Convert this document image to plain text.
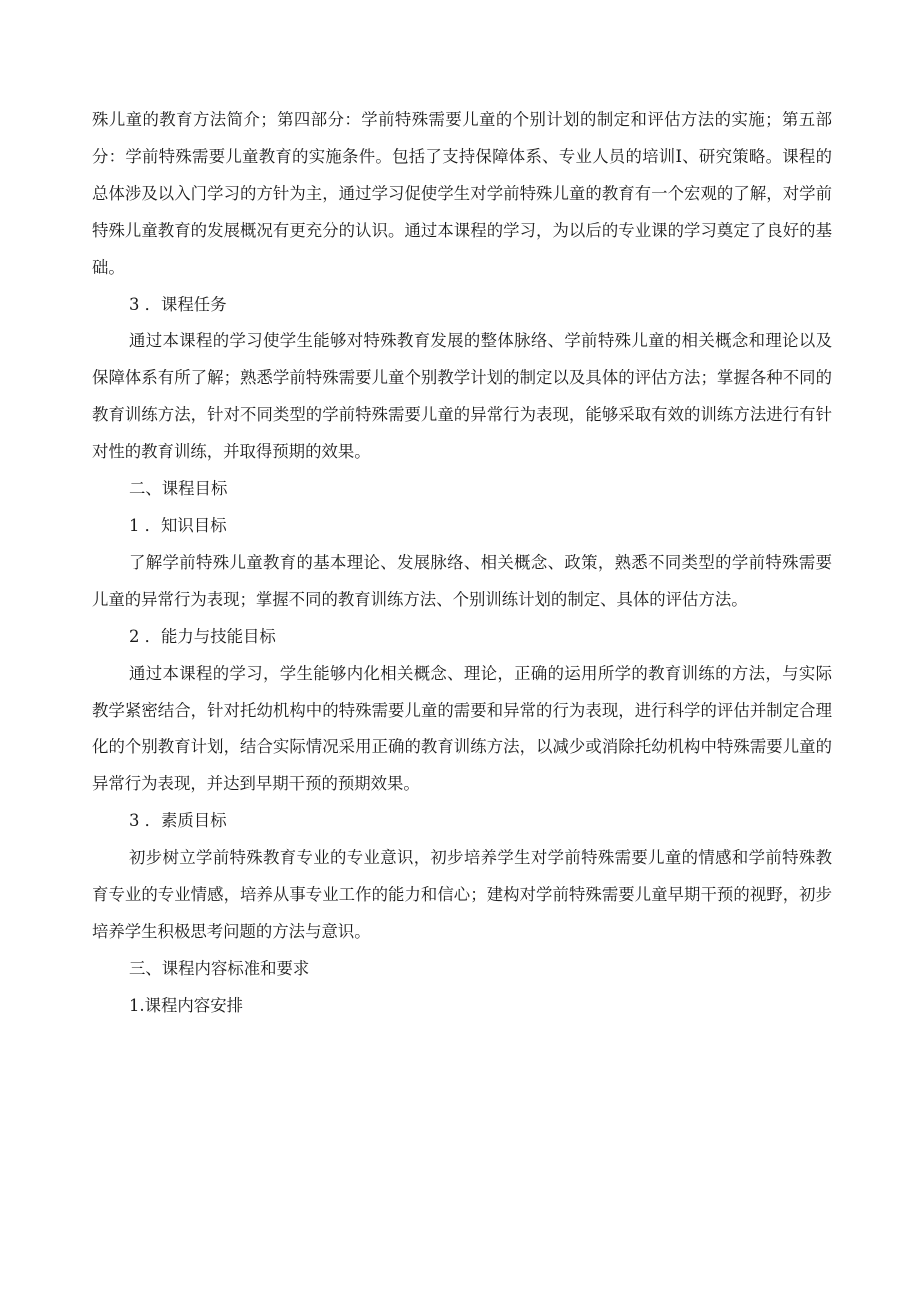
殊儿童的教育方法简介；第四部分：学前特殊需要儿童的个别计划的制定和评估方法的实施；第五部分：学前特殊需要儿童教育的实施条件。包括了支持保障体系、专业人员的培训I、研究策略。课程的总体涉及以入门学习的方针为主，通过学习促使学生对学前特殊儿童的教育有一个宏观的了解，对学前特殊儿童教育的发展概况有更充分的认识。通过本课程的学习，为以后的专业课的学习奠定了良好的基础。

3 ．课程任务

通过本课程的学习使学生能够对特殊教育发展的整体脉络、学前特殊儿童的相关概念和理论以及保障体系有所了解；熟悉学前特殊需要儿童个别教学计划的制定以及具体的评估方法；掌握各种不同的教育训练方法，针对不同类型的学前特殊需要儿童的异常行为表现，能够采取有效的训练方法进行有针对性的教育训练，并取得预期的效果。

二、课程目标

1 ．知识目标

了解学前特殊儿童教育的基本理论、发展脉络、相关概念、政策，熟悉不同类型的学前特殊需要儿童的异常行为表现；掌握不同的教育训练方法、个别训练计划的制定、具体的评估方法。

2 ．能力与技能目标

通过本课程的学习，学生能够内化相关概念、理论，正确的运用所学的教育训练的方法，与实际教学紧密结合，针对托幼机构中的特殊需要儿童的需要和异常的行为表现，进行科学的评估并制定合理化的个别教育计划，结合实际情况采用正确的教育训练方法，以减少或消除托幼机构中特殊需要儿童的异常行为表现，并达到早期干预的预期效果。

3 ．素质目标

初步树立学前特殊教育专业的专业意识，初步培养学生对学前特殊需要儿童的情感和学前特殊教育专业的专业情感，培养从事专业工作的能力和信心；建构对学前特殊需要儿童早期干预的视野，初步培养学生积极思考问题的方法与意识。

三、课程内容标准和要求

1.课程内容安排
